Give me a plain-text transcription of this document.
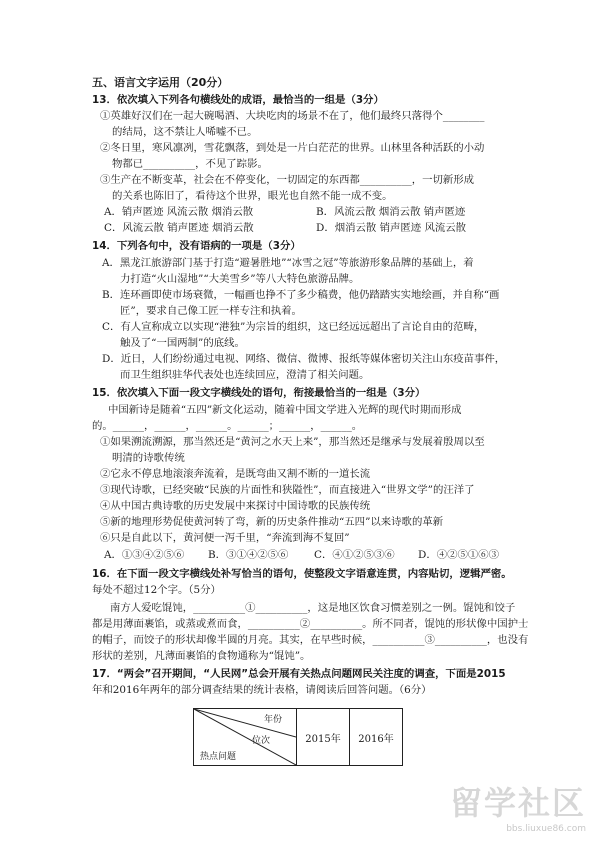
五、语言文字运用（20分）
13．依次填入下列各句横线处的成语，最恰当的一组是（3分）
①英雄好汉们在一起大碗喝酒、大块吃肉的场景不在了，他们最终只落得个________
的结局，这不禁让人唏嘘不已。
②冬日里，寒风凛冽，雪花飘落，到处是一片白茫茫的世界。山林里各种活跃的小动
物都已__________，不见了踪影。
③生产在不断变革，社会在不停变化，一切固定的东西都__________，一切新形成
的关系也陈旧了，看待这个世界，眼光也自然不能一成不变。
A．销声匿迹 风流云散 烟消云散	B．风流云散 烟消云散 销声匿迹
C．风流云散 销声匿迹 烟消云散	D．烟消云散 销声匿迹 风流云散
14．下列各句中，没有语病的一项是（3分）
A．黑龙江旅游部门基于打造“避暑胜地”“冰雪之冠”等旅游形象品牌的基础上，着
力打造“火山湿地”“大美雪乡”等八大特色旅游品牌。
B．连环画即使市场衰微，一幅画也挣不了多少稿费，他仍踏踏实实地绘画，并自称“画
匠”，要求自己像工匠一样专注和执着。
C．有人宣称成立以实现“港独”为宗旨的组织，这已经远远超出了言论自由的范畴，
触及了“一国两制”的底线。
D．近日，人们纷纷通过电视、网络、微信、微博、报纸等媒体密切关注山东疫苗事件，
而卫生组织驻华代表处也连续回应，澄清了相关问题。
15．依次填入下面一段文字横线处的语句，衔接最恰当的一组是（3分）
中国新诗是随着“五四”新文化运动，随着中国文学进入光辉的现代时期而形成
的。______，______，______。______；______，______。
①如果溯流溯源，那当然还是“黄河之水天上来”，那当然还是继承与发展着殷周以至
明清的诗歌传统
②它永不停息地滚滚奔流着，是既弯曲又割不断的一道长流
③现代诗歌，已经突破“民族的片面性和狭隘性”，而直接进入“世界文学”的汪洋了
④从中国古典诗歌的历史发展中来探讨中国诗歌的民族传统
⑤新的地理形势促使黄河转了弯，新的历史条件推动“五四”以来诗歌的革新
⑥只是自此以下，黄河便一泻千里，“奔流到海不复回”
A．①③④②⑤⑥ B．③①④②⑤⑥ C．④①②⑤③⑥ D．④②⑤①⑥③
16．在下面一段文字横线处补写恰当的语句，使整段文字语意连贯，内容贴切，逻辑严密。
每处不超过12个字。（5分）
南方人爱吃馄饨，__________①__________，这是地区饮食习惯差别之一例。馄饨和饺子
都是用薄面裹馅，或蒸或煮而食，__________②__________。所不同者，馄饨的形状像中国护士
的帽子，而饺子的形状却像半圆的月亮。其实，在早些时候，__________③__________，也没有
形状的差别，凡薄面裹馅的食物通称为“馄饨”。
17．“两会”召开期间，“人民网”总会开展有关热点问题网民关注度的调查，下面是2015
年和2016年两年的部分调查结果的统计表格，请阅读后回答问题。（6分）
年份
位次
热点问题
	2015年	2016年
留学社区
bbs.liuxue86.com
